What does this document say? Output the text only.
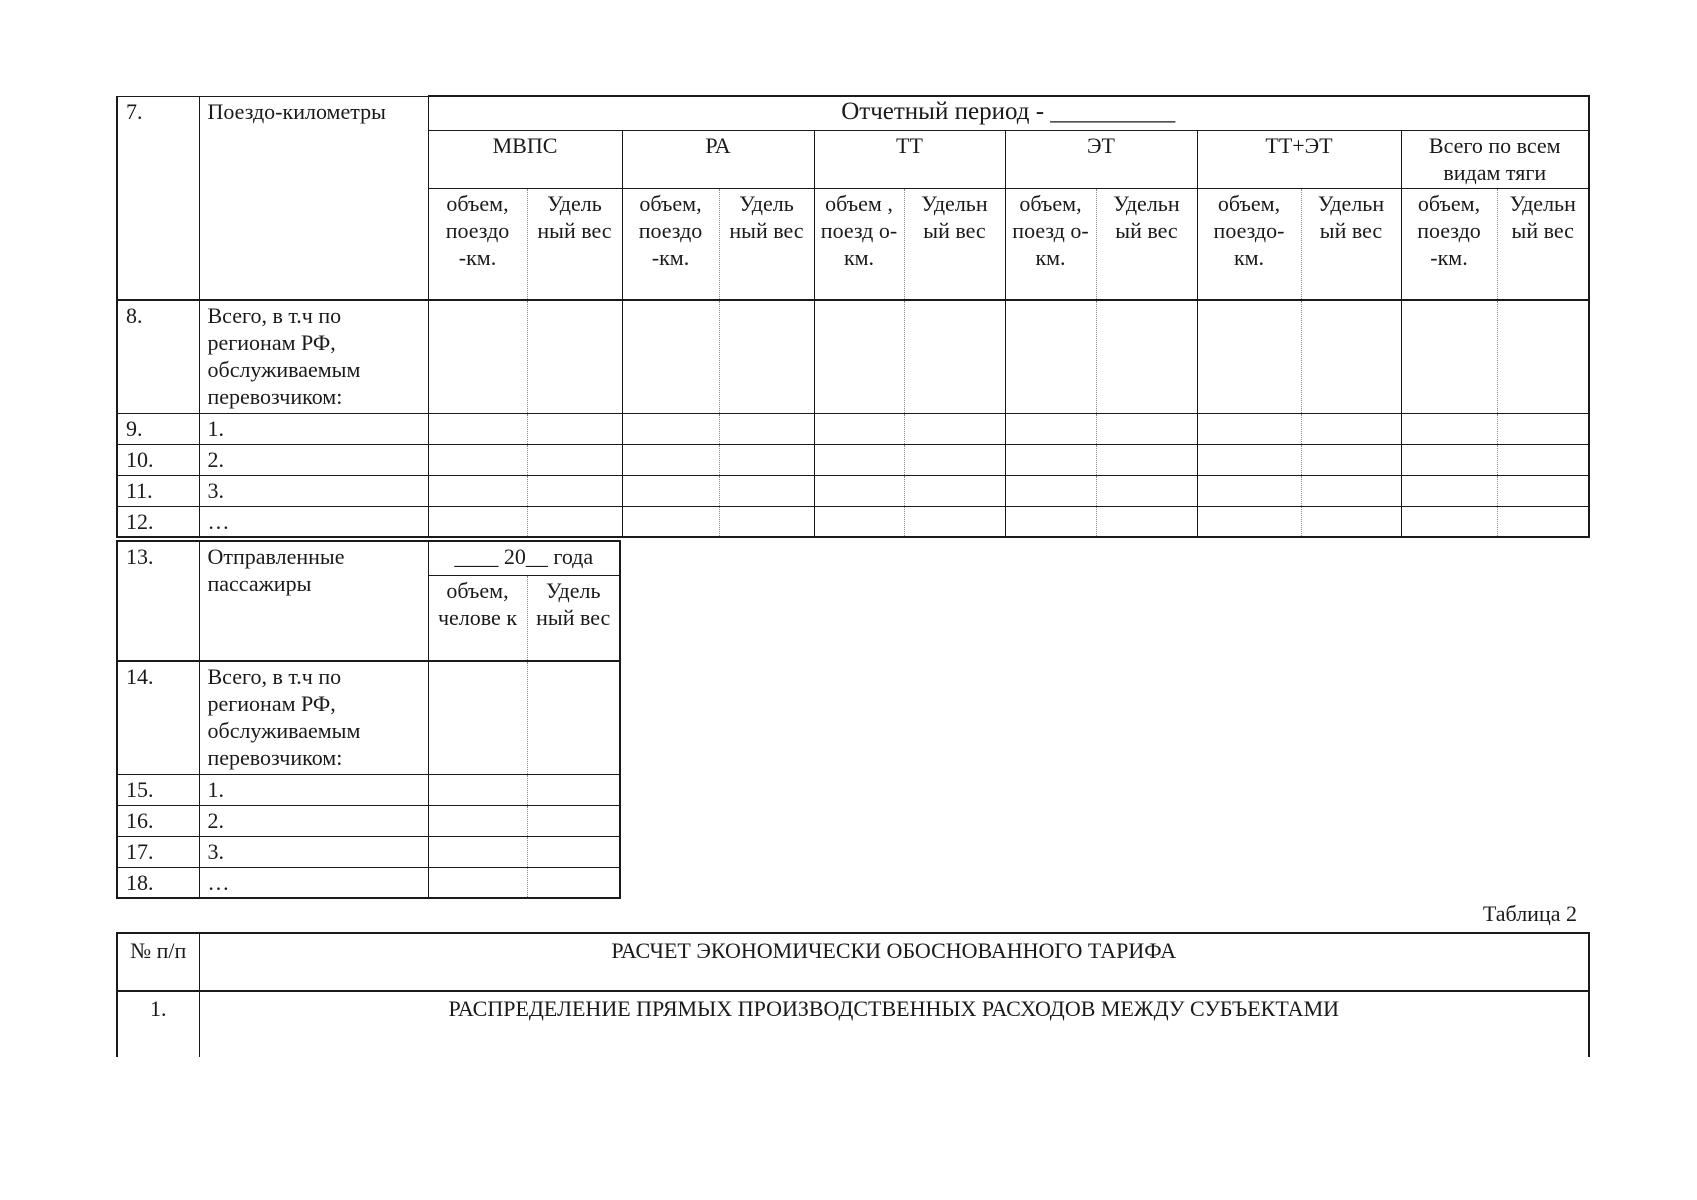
7.	Поездо-километры	Отчетный период - __________											
		МВПС		РА		ТТ		ЭТ		ТТ+ЭТ		Всего по всем видам тяги	
		объем, поездо -км.	Удель ный вес	объем, поездо -км.	Удель ный вес	объем , поезд о-км.	Удельн ый вес	объем, поезд о-км.	Удельн ый вес	объем, поездо- км.	Удельн ый вес	объем, поездо -км.	Удельн ый вес
8.	Всего, в т.ч по регионам РФ, обслуживаемым перевозчиком:												
9.	1.												
10.	2.												
11.	3.												
12.	…												
13.	Отправленные пассажиры	____ 20__ года	
		объем, челове к	Удель ный вес
14.	Всего, в т.ч по регионам РФ, обслуживаемым перевозчиком:		
15.	1.		
16.	2.		
17.	3.		
18.	…		
Таблица 2
№ п/п	РАСЧЕТ ЭКОНОМИЧЕСКИ ОБОСНОВАННОГО ТАРИФА
1.	РАСПРЕДЕЛЕНИЕ ПРЯМЫХ ПРОИЗВОДСТВЕННЫХ РАСХОДОВ МЕЖДУ СУБЪЕКТАМИ
